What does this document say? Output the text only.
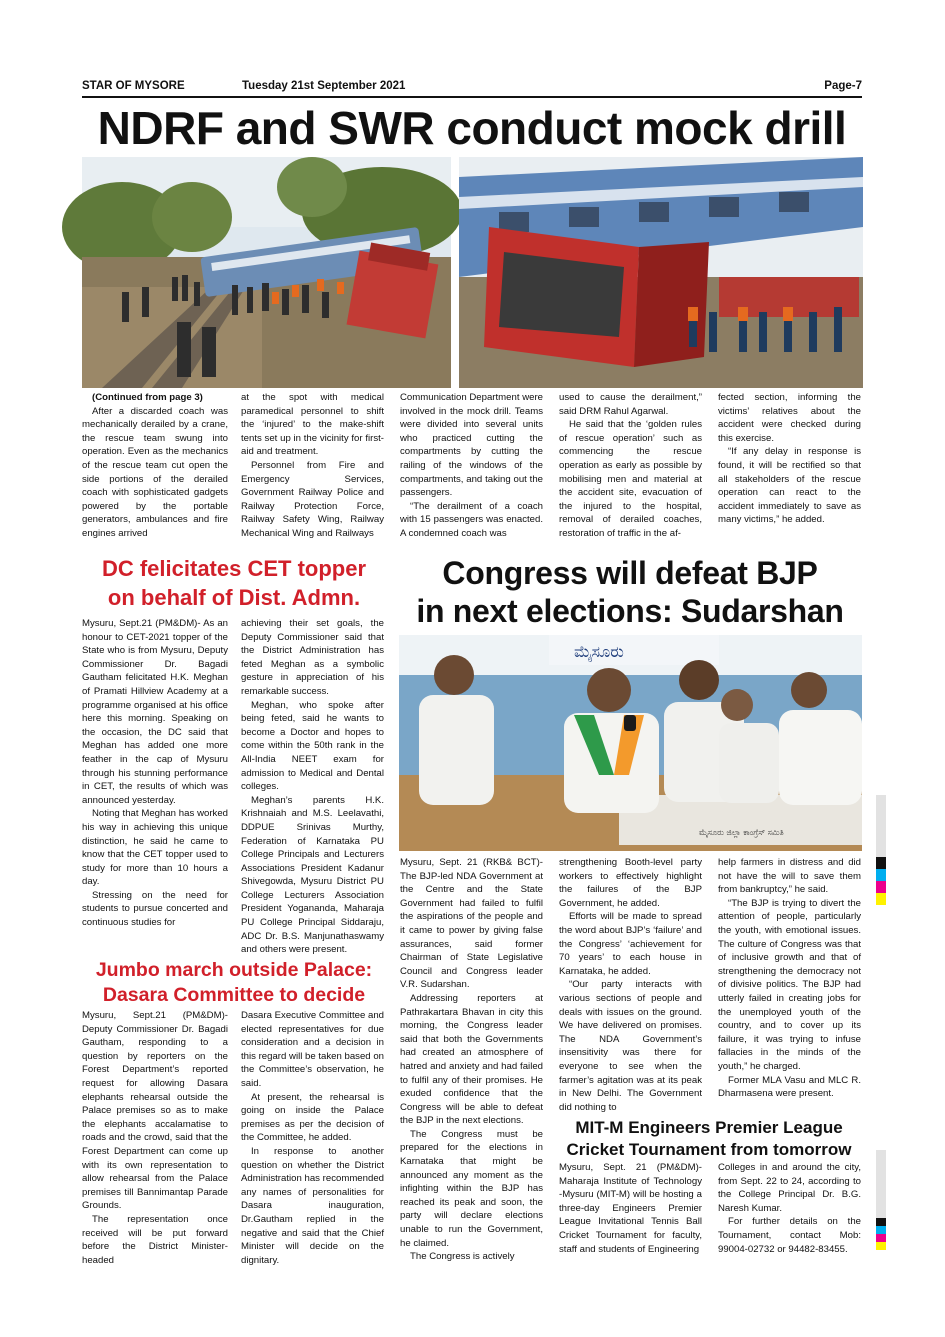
STAR OF MYSORE	Tuesday 21st September 2021	Page-7
NDRF and SWR conduct mock drill

(Continued from page 3)

After a discarded coach was mechanically derailed by a crane, the rescue team swung into operation. Even as the mechanics of the rescue team cut open the side portions of the derailed coach with sophisticated gadgets powered by the portable generators, ambulances and fire engines arrived

at the spot with medical paramedical personnel to shift the ‘injured’ to the make-shift tents set up in the vicinity for first-aid and treatment.

Personnel from Fire and Emergency Services, Government Railway Police and Railway Protection Force, Railway Safety Wing, Railway Mechanical Wing and Railways

Communication Department were involved in the mock drill. Teams were divided into several units who practiced cutting the compartments by cutting the railing of the windows of the compartments, and taking out the passengers.

“The derailment of a coach with 15 passengers was enacted. A condemned coach was

used to cause the derailment,” said DRM Rahul Agarwal.

He said that the ‘golden rules of rescue operation’ such as commencing the rescue operation as early as possible by mobilising men and material at the accident site, evacuation of the injured to the hospital, removal of derailed coaches, restoration of traffic in the af-

fected section, informing the victims’ relatives about the accident were checked during this exercise.

“If any delay in response is found, it will be rectified so that all stakeholders of the rescue operation can react to the accident immediately to save as many victims,” he added.

DC felicitates CET topper
on behalf of Dist. Admn.

Mysuru, Sept.21 (PM&DM)- As an honour to CET-2021 topper of the State who is from Mysuru, Deputy Commissioner Dr. Bagadi Gautham felicitated H.K. Meghan of Pramati Hillview Academy at a programme organised at his office here this morning. Speaking on the occasion, the DC said that Meghan has added one more feather in the cap of Mysuru through his stunning performance in CET, the results of which was announced yesterday.

Noting that Meghan has worked his way in achieving this unique distinction, he said he came to know that the CET topper used to study for more than 10 hours a day.

Stressing on the need for students to pursue concerted and continuous studies for

achieving their set goals, the Deputy Commissioner said that the District Administration has feted Meghan as a symbolic gesture in appreciation of his remarkable success.

Meghan, who spoke after being feted, said he wants to become a Doctor and hopes to come within the 50th rank in the All-India NEET exam for admission to Medical and Dental colleges.

Meghan’s parents H.K. Krishnaiah and M.S. Leelavathi, DDPUE Srinivas Murthy, Federation of Karnataka PU College Principals and Lecturers Associations President Kadanur Shivegowda, Mysuru District PU College Lecturers Association President Yogananda, Maharaja PU College Principal Siddaraju, ADC Dr. B.S. Manjunathaswamy and others were present.

Jumbo march outside Palace:
Dasara Committee to decide

Mysuru, Sept.21 (PM&DM)- Deputy Commissioner Dr. Bagadi Gautham, responding to a question by reporters on the Forest Department’s reported request for allowing Dasara elephants rehearsal outside the Palace premises so as to make the elephants accalamatise to roads and the crowd, said that the Forest Department can come up with its own representation to allow rehearsal from the Palace premises till Bannimantap Parade Grounds.

The representation once received will be put forward before the District Minister-headed

Dasara Executive Committee and elected representatives for due consideration and a decision in this regard will be taken based on the Committee’s observation, he said.

At present, the rehearsal is going on inside the Palace premises as per the decision of the Committee, he added.

In response to another question on whether the District Administration has recommended any names of personalities for Dasara inauguration, Dr.Gautham replied in the negative and said that the Chief Minister will decide on the dignitary.

Congress will defeat BJP
in next elections: Sudarshan
ಮೈಸೂರು
ಮೈಸೂರು ಜಿಲ್ಲಾ ಕಾಂಗ್ರೆಸ್ ಸಮಿತಿ

Mysuru, Sept. 21 (RKB& BCT)- The BJP-led NDA Government at the Centre and the State Government had failed to fulfil the aspirations of the people and it came to power by giving false assurances, said former Chairman of State Legislative Council and Congress leader V.R. Sudarshan.

Addressing reporters at Pathrakartara Bhavan in city this morning, the Congress leader said that both the Governments had created an atmosphere of hatred and anxiety and had failed to fulfil any of their promises. He exuded confidence that the Congress will be able to defeat the BJP in the next elections.

The Congress must be prepared for the elections in Karnataka that might be announced any moment as the infighting within the BJP has reached its peak and soon, the party will declare elections unable to run the Government, he claimed.

The Congress is actively

strengthening Booth-level party workers to effectively highlight the failures of the BJP Government, he added.

Efforts will be made to spread the word about BJP’s ‘failure’ and the Congress’ ‘achievement for 70 years’ to each house in Karnataka, he added.

“Our party interacts with various sections of people and deals with issues on the ground. We have delivered on promises. The NDA Government’s insensitivity was there for everyone to see when the farmer’s agitation was at its peak in New Delhi. The Government did nothing to

help farmers in distress and did not have the will to save them from bankruptcy,” he said.

“The BJP is trying to divert the attention of people, particularly the youth, with emotional issues. The culture of Congress was that of inclusive growth and that of strengthening the democracy not of divisive politics. The BJP had utterly failed in creating jobs for the unemployed youth of the country, and to cover up its failure, it was trying to infuse fallacies in the minds of the youth,” he charged.

Former MLA Vasu and MLC R. Dharmasena were present.

MIT-M Engineers Premier League
Cricket Tournament from tomorrow

Mysuru, Sept. 21 (PM&DM)- Maharaja Institute of Technology -Mysuru (MIT-M) will be hosting a three-day Engineers Premier League Invitational Tennis Ball Cricket Tournament for faculty, staff and students of Engineering

Colleges in and around the city, from Sept. 22 to 24, according to the College Principal Dr. B.G. Naresh Kumar.

For further details on the Tournament, contact Mob: 99004-02732 or 94482-83455.
